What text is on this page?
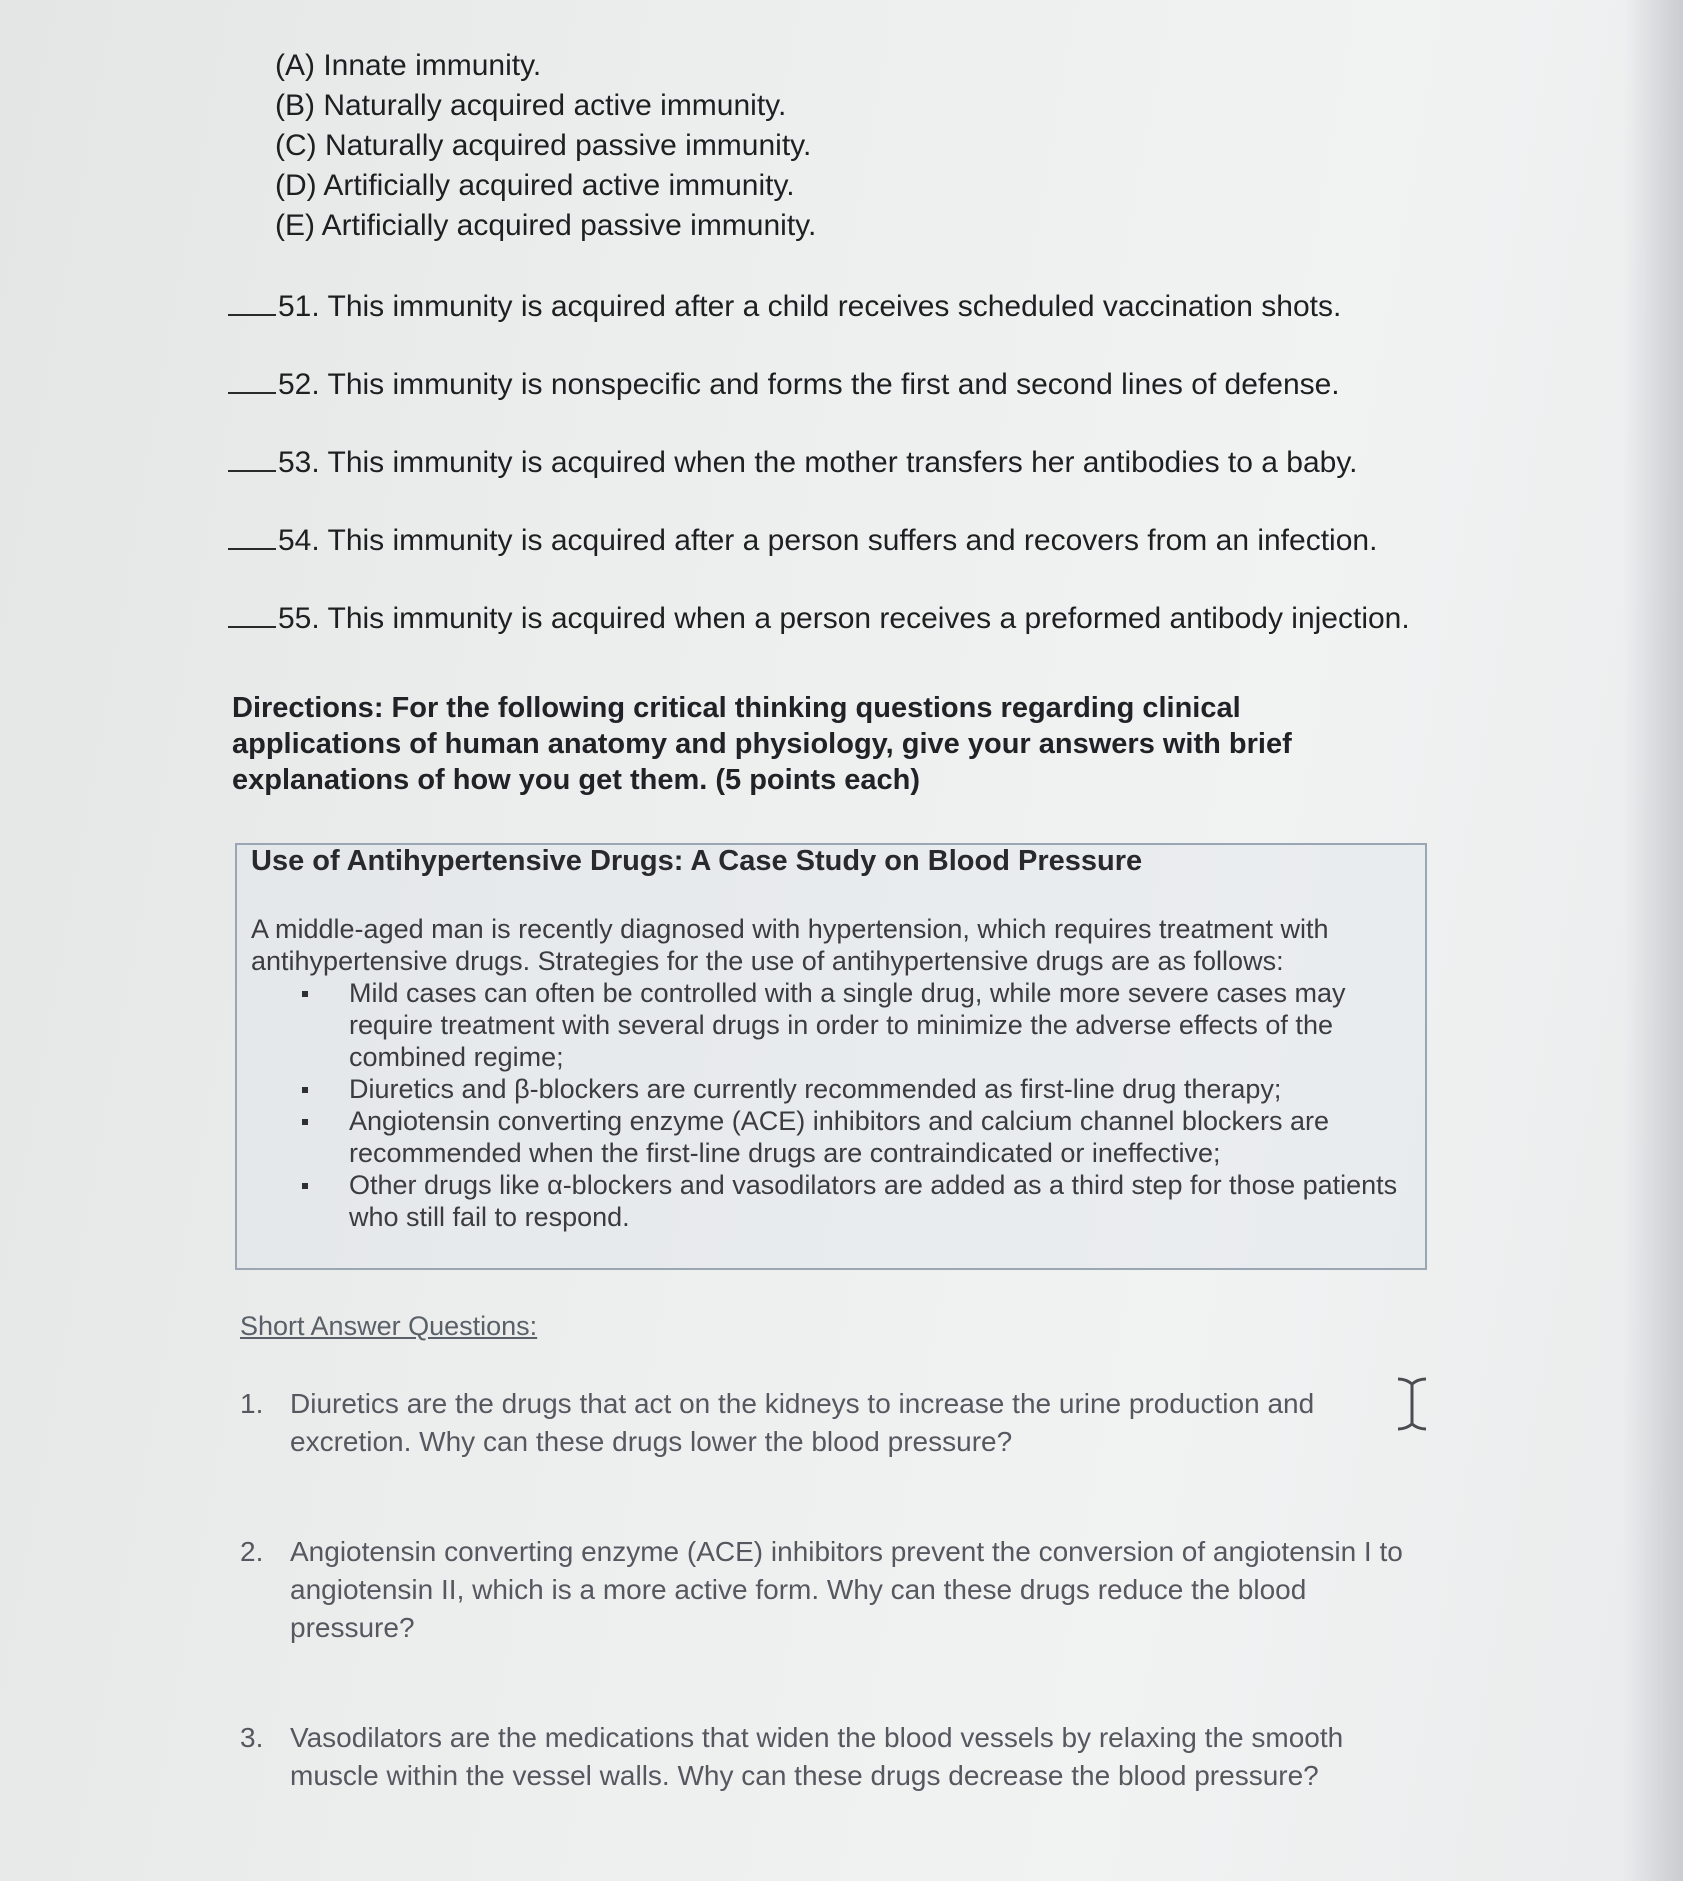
(A) Innate immunity.
(B) Naturally acquired active immunity.
(C) Naturally acquired passive immunity.
(D) Artificially acquired active immunity.
(E) Artificially acquired passive immunity.
51. This immunity is acquired after a child receives scheduled vaccination shots.
52. This immunity is nonspecific and forms the first and second lines of defense.
53. This immunity is acquired when the mother transfers her antibodies to a baby.
54. This immunity is acquired after a person suffers and recovers from an infection.
55. This immunity is acquired when a person receives a preformed antibody injection.
Directions: For the following critical thinking questions regarding clinical applications of human anatomy and physiology, give your answers with brief explanations of how you get them. (5 points each)
Use of Antihypertensive Drugs: A Case Study on Blood Pressure
A middle-aged man is recently diagnosed with hypertension, which requires treatment with antihypertensive drugs. Strategies for the use of antihypertensive drugs are as follows:
Mild cases can often be controlled with a single drug, while more severe cases may require treatment with several drugs in order to minimize the adverse effects of the combined regime;
Diuretics and β-blockers are currently recommended as first-line drug therapy;
Angiotensin converting enzyme (ACE) inhibitors and calcium channel blockers are recommended when the first-line drugs are contraindicated or ineffective;
Other drugs like α-blockers and vasodilators are added as a third step for those patients who still fail to respond.
Short Answer Questions:
1. Diuretics are the drugs that act on the kidneys to increase the urine production and excretion. Why can these drugs lower the blood pressure?
2. Angiotensin converting enzyme (ACE) inhibitors prevent the conversion of angiotensin I to angiotensin II, which is a more active form. Why can these drugs reduce the blood pressure?
3. Vasodilators are the medications that widen the blood vessels by relaxing the smooth muscle within the vessel walls. Why can these drugs decrease the blood pressure?
